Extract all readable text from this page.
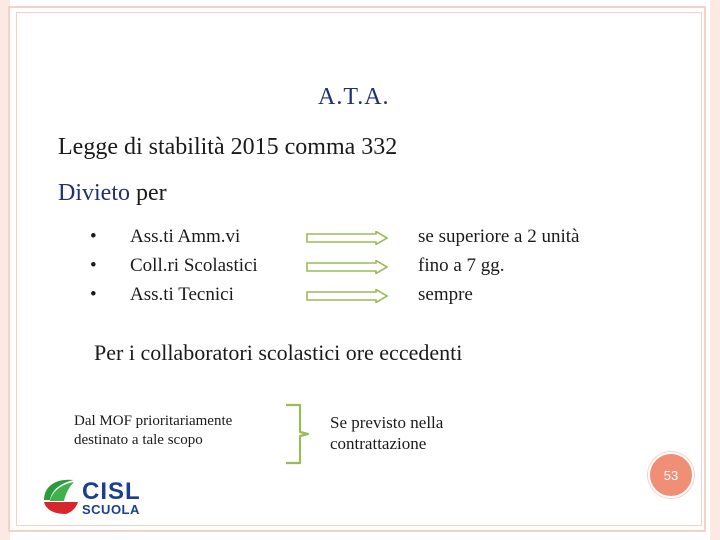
A.T.A.
Legge di stabilità 2015 comma 332
Divieto per
• Ass.ti Amm.vi
• Coll.ri Scolastici
• Ass.ti Tecnici
se superiore a 2 unità
fino a 7 gg.
sempre
Per i collaboratori scolastici ore eccedenti
Dal MOF prioritariamente
destinato a tale scopo
Se previsto nella
contrattazione
53
CISL
SCUOLA
